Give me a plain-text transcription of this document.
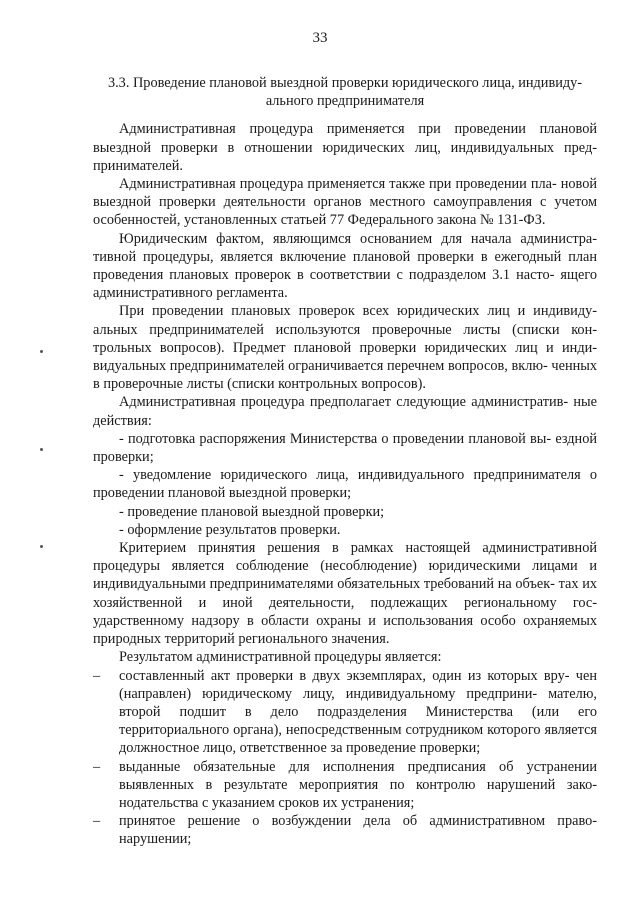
33
3.3. Проведение плановой выездной проверки юридического лица, индивиду- ального предпринимателя

Административная процедура применяется при проведении плановой выездной проверки в отношении юридических лиц, индивидуальных пред- принимателей.

Административная процедура применяется также при проведении пла- новой выездной проверки деятельности органов местного самоуправления с учетом особенностей, установленных статьей 77 Федерального закона № 131-ФЗ.

Юридическим фактом, являющимся основанием для начала администра- тивной процедуры, является включение плановой проверки в ежегодный план проведения плановых проверок в соответствии с подразделом 3.1 насто- ящего административного регламента.

При проведении плановых проверок всех юридических лиц и индивиду- альных предпринимателей используются проверочные листы (списки кон- трольных вопросов). Предмет плановой проверки юридических лиц и инди- видуальных предпринимателей ограничивается перечнем вопросов, вклю- ченных в проверочные листы (списки контрольных вопросов).

Административная процедура предполагает следующие административ- ные действия:

- подготовка распоряжения Министерства о проведении плановой вы- ездной проверки;

- уведомление юридического лица, индивидуального предпринимателя о проведении плановой выездной проверки;

- проведение плановой выездной проверки;

- оформление результатов проверки.

Критерием принятия решения в рамках настоящей административной процедуры является соблюдение (несоблюдение) юридическими лицами и индивидуальными предпринимателями обязательных требований на объек- тах их хозяйственной и иной деятельности, подлежащих региональному гос- ударственному надзору в области охраны и использования особо охраняемых природных территорий регионального значения.

Результатом административной процедуры является:

– составленный акт проверки в двух экземплярах, один из которых вру- чен (направлен) юридическому лицу, индивидуальному предприни- мателю, второй подшит в дело подразделения Министерства (или его территориального органа), непосредственным сотрудником которого является должностное лицо, ответственное за проведение проверки;
– выданные обязательные для исполнения предписания об устранении выявленных в результате мероприятия по контролю нарушений зако- нодательства с указанием сроков их устранения;
– принятое решение о возбуждении дела об административном право- нарушении;
